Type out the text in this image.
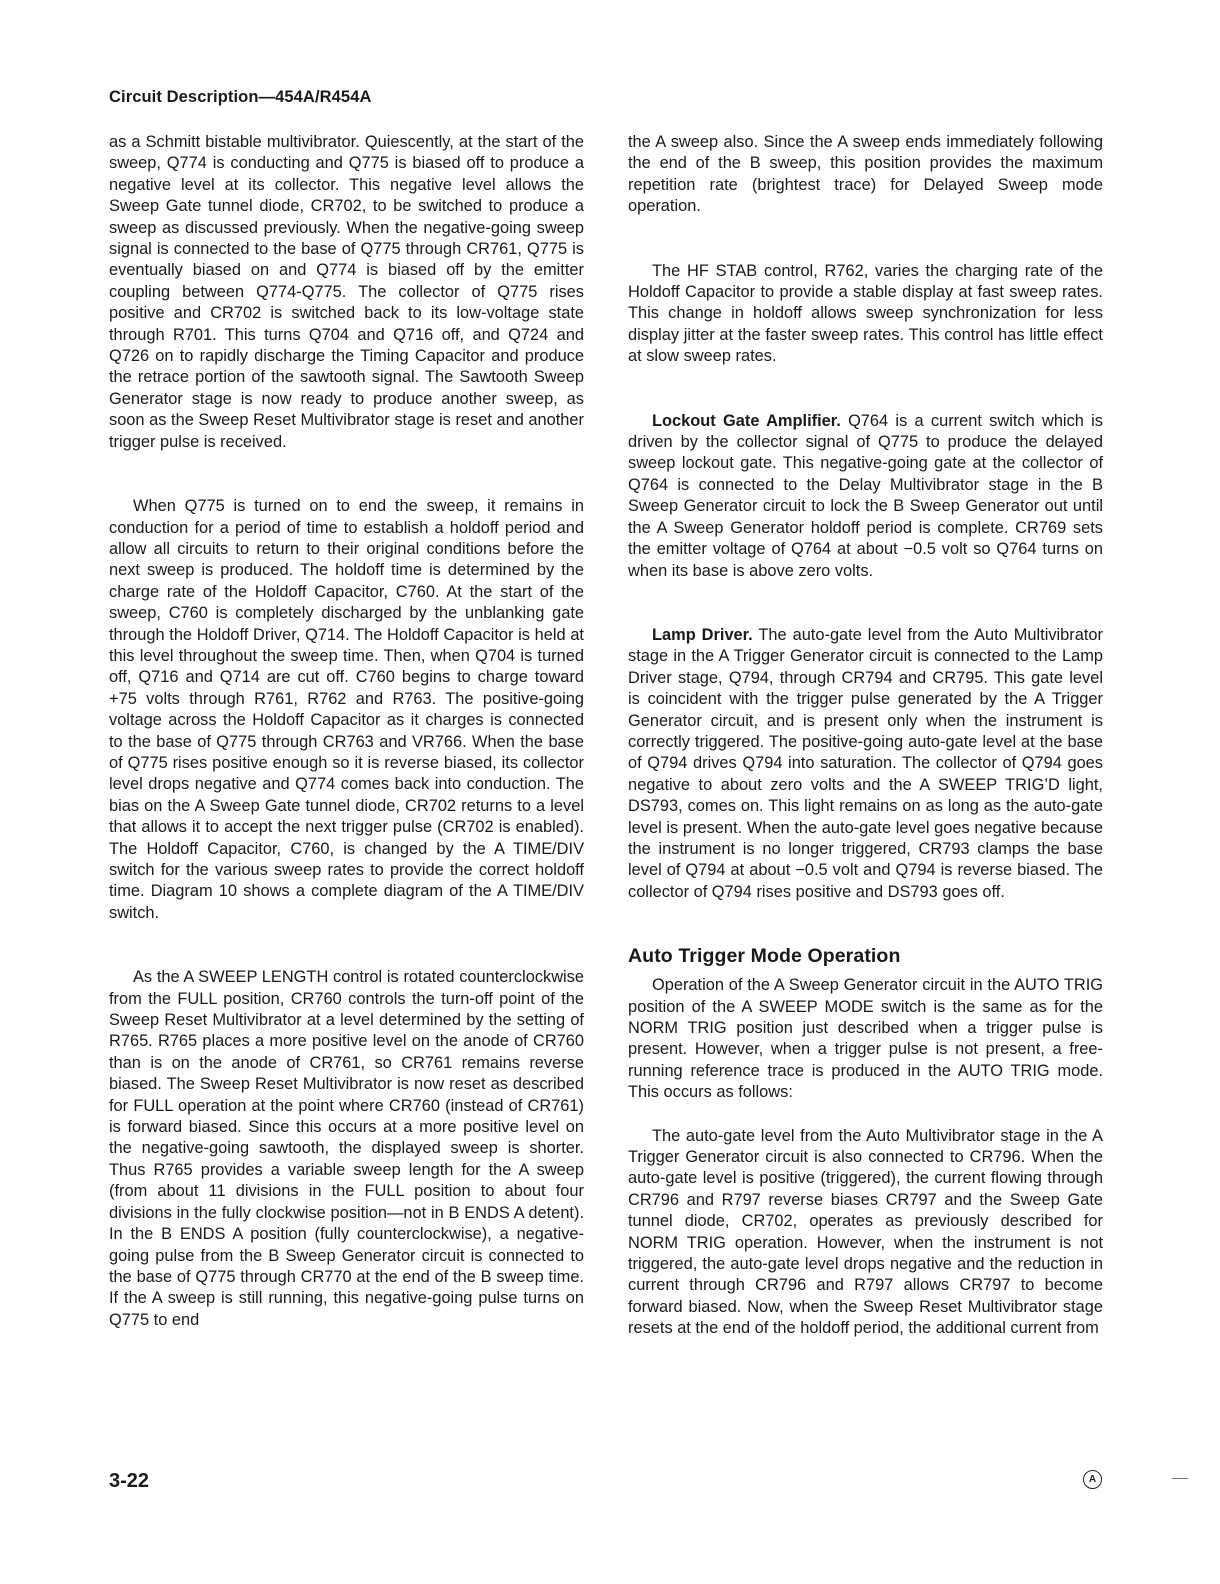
Circuit Description—454A/R454A

as a Schmitt bistable multivibrator. Quiescently, at the start of the sweep, Q774 is conducting and Q775 is biased off to produce a negative level at its collector. This negative level allows the Sweep Gate tunnel diode, CR702, to be switched to produce a sweep as discussed previously. When the negative-going sweep signal is connected to the base of Q775 through CR761, Q775 is eventually biased on and Q774 is biased off by the emitter coupling between Q774-Q775. The collector of Q775 rises positive and CR702 is switched back to its low-voltage state through R701. This turns Q704 and Q716 off, and Q724 and Q726 on to rapidly discharge the Timing Capacitor and produce the retrace portion of the sawtooth signal. The Sawtooth Sweep Generator stage is now ready to produce another sweep, as soon as the Sweep Reset Multivibrator stage is reset and another trigger pulse is received.

When Q775 is turned on to end the sweep, it remains in conduction for a period of time to establish a holdoff period and allow all circuits to return to their original conditions before the next sweep is produced. The holdoff time is determined by the charge rate of the Holdoff Capacitor, C760. At the start of the sweep, C760 is completely discharged by the unblanking gate through the Holdoff Driver, Q714. The Holdoff Capacitor is held at this level throughout the sweep time. Then, when Q704 is turned off, Q716 and Q714 are cut off. C760 begins to charge toward +75 volts through R761, R762 and R763. The positive-going voltage across the Holdoff Capacitor as it charges is connected to the base of Q775 through CR763 and VR766. When the base of Q775 rises positive enough so it is reverse biased, its collector level drops negative and Q774 comes back into conduction. The bias on the A Sweep Gate tunnel diode, CR702 returns to a level that allows it to accept the next trigger pulse (CR702 is enabled). The Holdoff Capacitor, C760, is changed by the A TIME/DIV switch for the various sweep rates to provide the correct holdoff time. Diagram 10 shows a complete diagram of the A TIME/DIV switch.

As the A SWEEP LENGTH control is rotated counterclockwise from the FULL position, CR760 controls the turn-off point of the Sweep Reset Multivibrator at a level determined by the setting of R765. R765 places a more positive level on the anode of CR760 than is on the anode of CR761, so CR761 remains reverse biased. The Sweep Reset Multivibrator is now reset as described for FULL operation at the point where CR760 (instead of CR761) is forward biased. Since this occurs at a more positive level on the negative-going sawtooth, the displayed sweep is shorter. Thus R765 provides a variable sweep length for the A sweep (from about 11 divisions in the FULL position to about four divisions in the fully clockwise position—not in B ENDS A detent). In the B ENDS A position (fully counterclockwise), a negative-going pulse from the B Sweep Generator circuit is connected to the base of Q775 through CR770 at the end of the B sweep time. If the A sweep is still running, this negative-going pulse turns on Q775 to end

the A sweep also. Since the A sweep ends immediately following the end of the B sweep, this position provides the maximum repetition rate (brightest trace) for Delayed Sweep mode operation.

The HF STAB control, R762, varies the charging rate of the Holdoff Capacitor to provide a stable display at fast sweep rates. This change in holdoff allows sweep synchronization for less display jitter at the faster sweep rates. This control has little effect at slow sweep rates.

Lockout Gate Amplifier. Q764 is a current switch which is driven by the collector signal of Q775 to produce the delayed sweep lockout gate. This negative-going gate at the collector of Q764 is connected to the Delay Multivibrator stage in the B Sweep Generator circuit to lock the B Sweep Generator out until the A Sweep Generator holdoff period is complete. CR769 sets the emitter voltage of Q764 at about −0.5 volt so Q764 turns on when its base is above zero volts.

Lamp Driver. The auto-gate level from the Auto Multivibrator stage in the A Trigger Generator circuit is connected to the Lamp Driver stage, Q794, through CR794 and CR795. This gate level is coincident with the trigger pulse generated by the A Trigger Generator circuit, and is present only when the instrument is correctly triggered. The positive-going auto-gate level at the base of Q794 drives Q794 into saturation. The collector of Q794 goes negative to about zero volts and the A SWEEP TRIG’D light, DS793, comes on. This light remains on as long as the auto-gate level is present. When the auto-gate level goes negative because the instrument is no longer triggered, CR793 clamps the base level of Q794 at about −0.5 volt and Q794 is reverse biased. The collector of Q794 rises positive and DS793 goes off.

Auto Trigger Mode Operation

Operation of the A Sweep Generator circuit in the AUTO TRIG position of the A SWEEP MODE switch is the same as for the NORM TRIG position just described when a trigger pulse is present. However, when a trigger pulse is not present, a free-running reference trace is produced in the AUTO TRIG mode. This occurs as follows:

The auto-gate level from the Auto Multivibrator stage in the A Trigger Generator circuit is also connected to CR796. When the auto-gate level is positive (triggered), the current flowing through CR796 and R797 reverse biases CR797 and the Sweep Gate tunnel diode, CR702, operates as previously described for NORM TRIG operation. However, when the instrument is not triggered, the auto-gate level drops negative and the reduction in current through CR796 and R797 allows CR797 to become forward biased. Now, when the Sweep Reset Multivibrator stage resets at the end of the holdoff period, the additional current from

3-22	A
